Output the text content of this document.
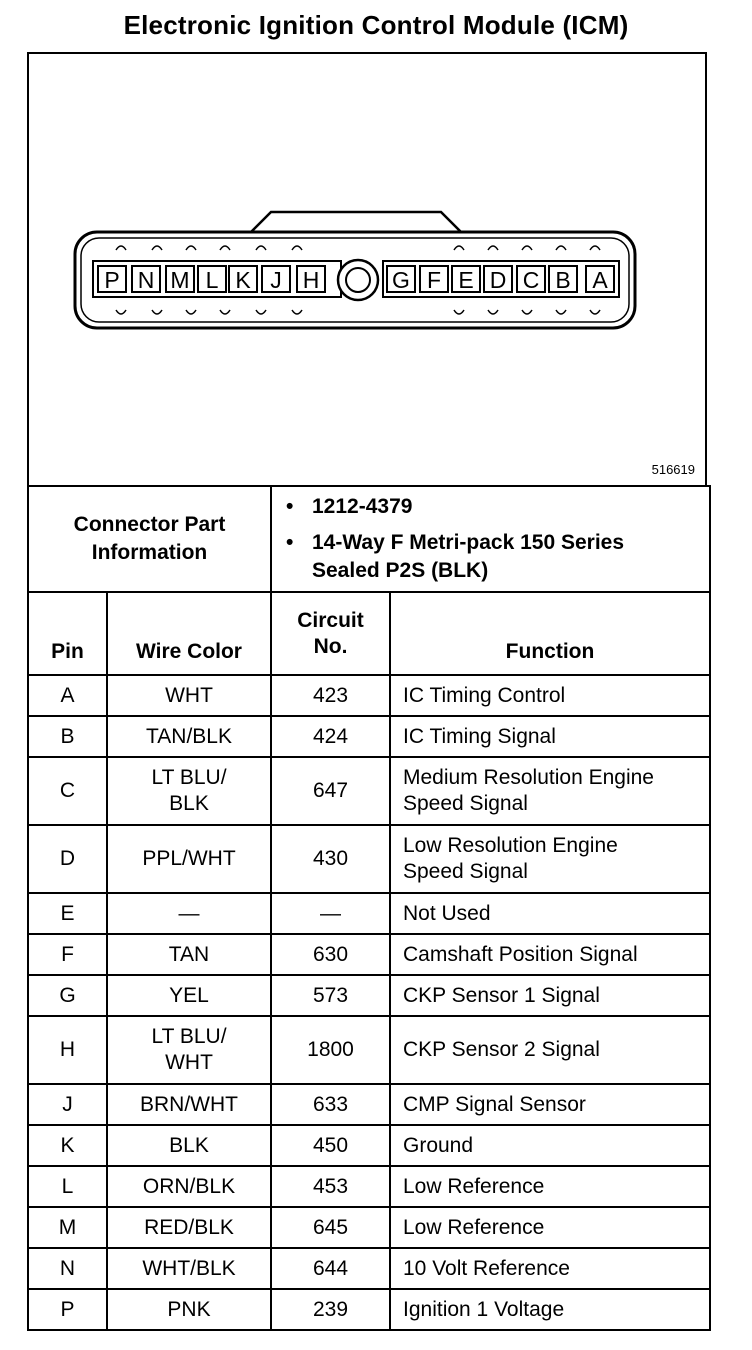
Electronic Ignition Control Module (ICM)
P N M L K J H	G F E D C B A
516619
Connector Part Information		• 1212-4379
• 14-Way F Metri-pack 150 Series Sealed P2S (BLK)	

Pin	Wire Color	Circuit No.	Function
A	WHT	423	IC Timing Control
B	TAN/BLK	424	IC Timing Signal
C	LT BLU/ BLK	647	Medium Resolution Engine Speed Signal
D	PPL/WHT	430	Low Resolution Engine Speed Signal
E	—	—	Not Used
F	TAN	630	Camshaft Position Signal
G	YEL	573	CKP Sensor 1 Signal
H	LT BLU/ WHT	1800	CKP Sensor 2 Signal
J	BRN/WHT	633	CMP Signal Sensor
K	BLK	450	Ground
L	ORN/BLK	453	Low Reference
M	RED/BLK	645	Low Reference
N	WHT/BLK	644	10 Volt Reference
P	PNK	239	Ignition 1 Voltage
